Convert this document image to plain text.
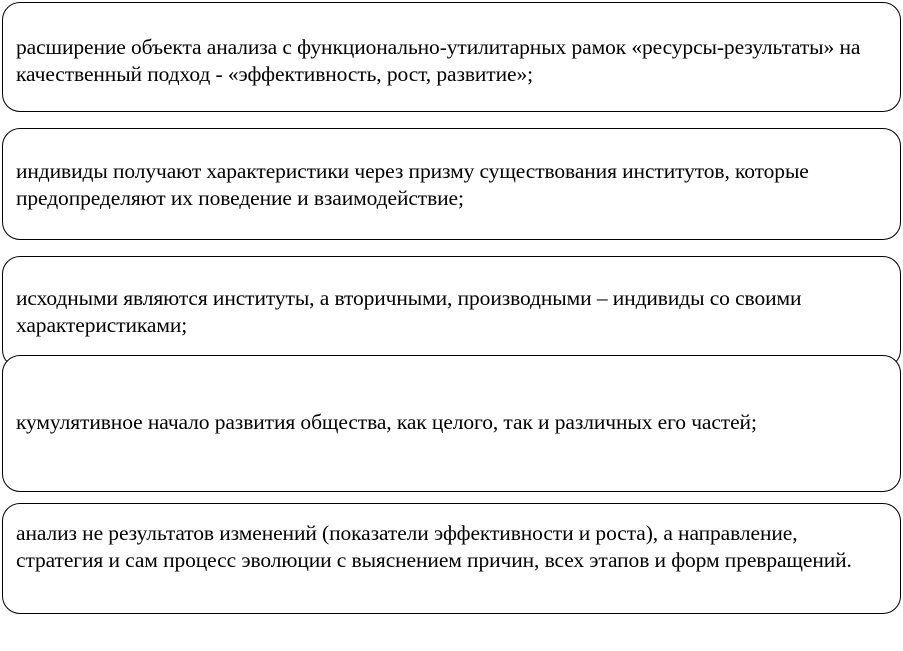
расширение объекта анализа с функционально-утилитарных рамок «ресурсы-результаты» на качественный подход - «эффективность, рост, развитие»;
индивиды получают характеристики через призму существования институтов, которые предопределяют их поведение и взаимодействие;
исходными являются институты, а вторичными, производными – индивиды со своими характеристиками;
кумулятивное начало развития общества, как целого, так и различных его частей;
анализ не результатов изменений (показатели эффективности и роста), а направление, стратегия и сам процесс эволюции с выяснением причин, всех этапов и форм превращений.
